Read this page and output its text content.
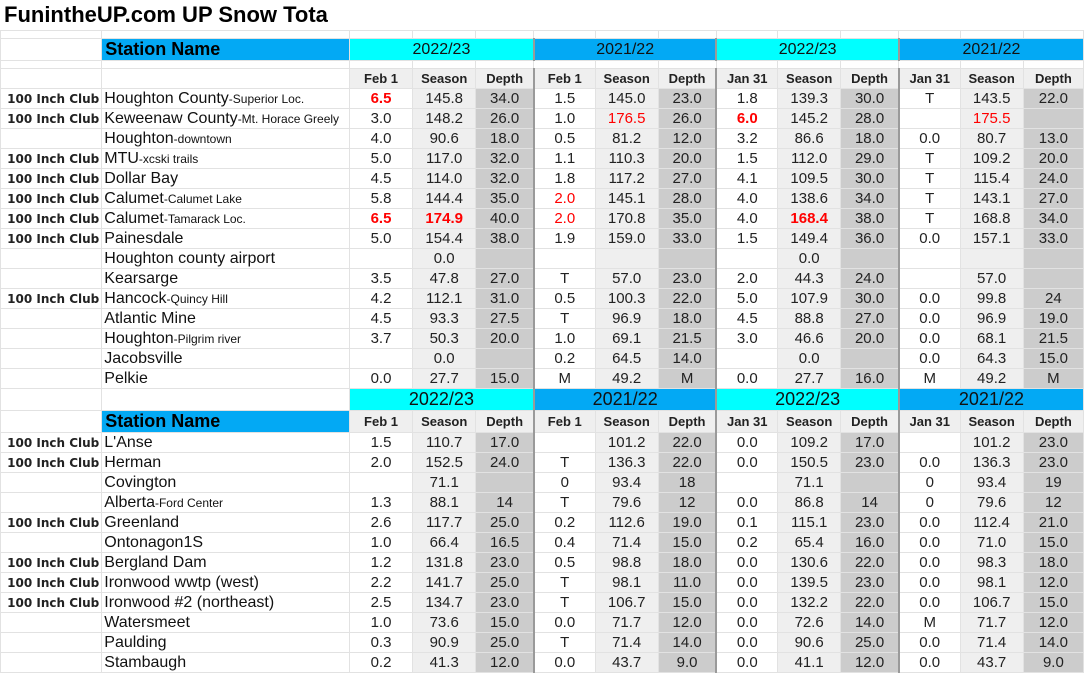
FunintheUP.com UP Snow Tota

	Station Name	2022/23			2021/22			2022/23			2021/22		

		Feb 1	Season	Depth	Feb 1	Season	Depth	Jan 31	Season	Depth	Jan 31	Season	Depth
100 Inch Club	Houghton County-Superior Loc.	6.5	145.8	34.0	1.5	145.0	23.0	1.8	139.3	30.0	T	143.5	22.0
100 Inch Club	Keweenaw County-Mt. Horace Greely	3.0	148.2	26.0	1.0	176.5	26.0	6.0	145.2	28.0		175.5	
	Houghton-downtown	4.0	90.6	18.0	0.5	81.2	12.0	3.2	86.6	18.0	0.0	80.7	13.0
100 Inch Club	MTU-xcski trails	5.0	117.0	32.0	1.1	110.3	20.0	1.5	112.0	29.0	T	109.2	20.0
100 Inch Club	Dollar Bay	4.5	114.0	32.0	1.8	117.2	27.0	4.1	109.5	30.0	T	115.4	24.0
100 Inch Club	Calumet-Calumet Lake	5.8	144.4	35.0	2.0	145.1	28.0	4.0	138.6	34.0	T	143.1	27.0
100 Inch Club	Calumet-Tamarack Loc.	6.5	174.9	40.0	2.0	170.8	35.0	4.0	168.4	38.0	T	168.8	34.0
100 Inch Club	Painesdale	5.0	154.4	38.0	1.9	159.0	33.0	1.5	149.4	36.0	0.0	157.1	33.0
	Houghton county airport		0.0						0.0				
	Kearsarge	3.5	47.8	27.0	T	57.0	23.0	2.0	44.3	24.0		57.0	
100 Inch Club	Hancock-Quincy Hill	4.2	112.1	31.0	0.5	100.3	22.0	5.0	107.9	30.0	0.0	99.8	24
	Atlantic Mine	4.5	93.3	27.5	T	96.9	18.0	4.5	88.8	27.0	0.0	96.9	19.0
	Houghton-Pilgrim river	3.7	50.3	20.0	1.0	69.1	21.5	3.0	46.6	20.0	0.0	68.1	21.5
	Jacobsville		0.0		0.2	64.5	14.0		0.0		0.0	64.3	15.0
	Pelkie	0.0	27.7	15.0	M	49.2	M	0.0	27.7	16.0	M	49.2	M
		2022/23			2021/22			2022/23			2021/22		
	Station Name	Feb 1	Season	Depth	Feb 1	Season	Depth	Jan 31	Season	Depth	Jan 31	Season	Depth
100 Inch Club	L'Anse	1.5	110.7	17.0		101.2	22.0	0.0	109.2	17.0		101.2	23.0
100 Inch Club	Herman	2.0	152.5	24.0	T	136.3	22.0	0.0	150.5	23.0	0.0	136.3	23.0
	Covington		71.1		0	93.4	18		71.1		0	93.4	19
	Alberta-Ford Center	1.3	88.1	14	T	79.6	12	0.0	86.8	14	0	79.6	12
100 Inch Club	Greenland	2.6	117.7	25.0	0.2	112.6	19.0	0.1	115.1	23.0	0.0	112.4	21.0
	Ontonagon1S	1.0	66.4	16.5	0.4	71.4	15.0	0.2	65.4	16.0	0.0	71.0	15.0
100 Inch Club	Bergland Dam	1.2	131.8	23.0	0.5	98.8	18.0	0.0	130.6	22.0	0.0	98.3	18.0
100 Inch Club	Ironwood wwtp (west)	2.2	141.7	25.0	T	98.1	11.0	0.0	139.5	23.0	0.0	98.1	12.0
100 Inch Club	Ironwood #2 (northeast)	2.5	134.7	23.0	T	106.7	15.0	0.0	132.2	22.0	0.0	106.7	15.0
	Watersmeet	1.0	73.6	15.0	0.0	71.7	12.0	0.0	72.6	14.0	M	71.7	12.0
	Paulding	0.3	90.9	25.0	T	71.4	14.0	0.0	90.6	25.0	0.0	71.4	14.0
	Stambaugh	0.2	41.3	12.0	0.0	43.7	9.0	0.0	41.1	12.0	0.0	43.7	9.0
